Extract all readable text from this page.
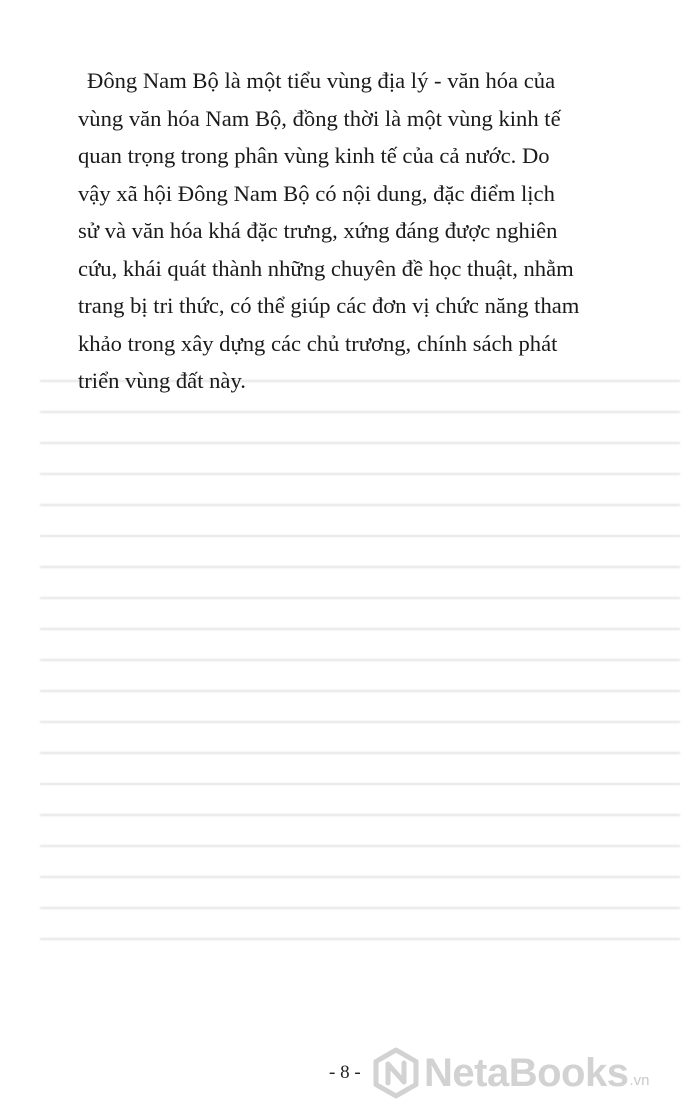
Đông Nam Bộ là một tiểu vùng địa lý - văn hóa của
vùng văn hóa Nam Bộ, đồng thời là một vùng kinh tế
quan trọng trong phân vùng kinh tế của cả nước. Do
vậy xã hội Đông Nam Bộ có nội dung, đặc điểm lịch
sử và văn hóa khá đặc trưng, xứng đáng được nghiên
cứu, khái quát thành những chuyên đề học thuật, nhằm
trang bị tri thức, có thể giúp các đơn vị chức năng tham
khảo trong xây dựng các chủ trương, chính sách phát
triển vùng đất này.
- 8 - NetaBooks .vn
